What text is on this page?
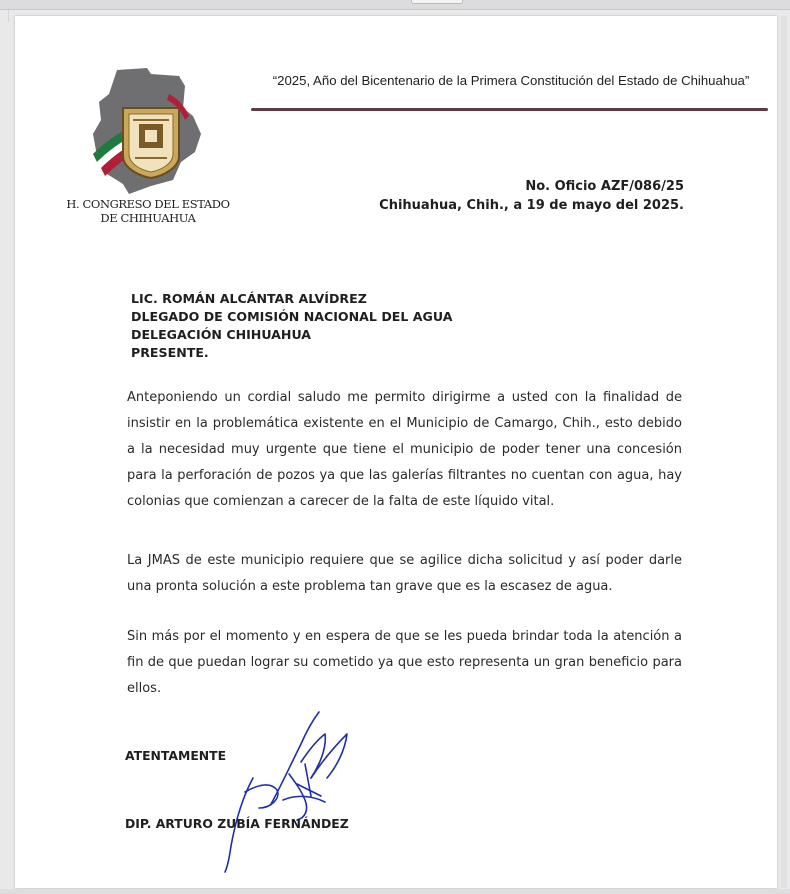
H. CONGRESO DEL ESTADO
DE CHIHUAHUA
“2025, Año del Bicentenario de la Primera Constitución del Estado de Chihuahua”
No. Oficio AZF/086/25
Chihuahua, Chih., a 19 de mayo del 2025.
LIC. ROMÁN ALCÁNTAR ALVÍDREZ
DLEGADO DE COMISIÓN NACIONAL DEL AGUA
DELEGACIÓN CHIHUAHUA
PRESENTE.

Anteponiendo un cordial saludo me permito dirigirme a usted con la finalidad de insistir en la problemática existente en el Municipio de Camargo, Chih., esto debido a la necesidad muy urgente que tiene el municipio de poder tener una concesión para la perforación de pozos ya que las galerías filtrantes no cuentan con agua, hay colonias que comienzan a carecer de la falta de este líquido vital.

La JMAS de este municipio requiere que se agilice dicha solicitud y así poder darle una pronta solución a este problema tan grave que es la escasez de agua.

Sin más por el momento y en espera de que se les pueda brindar toda la atención a fin de que puedan lograr su cometido ya que esto representa un gran beneficio para ellos.

ATENTAMENTE
DIP. ARTURO ZUBÍA FERNÁNDEZ
